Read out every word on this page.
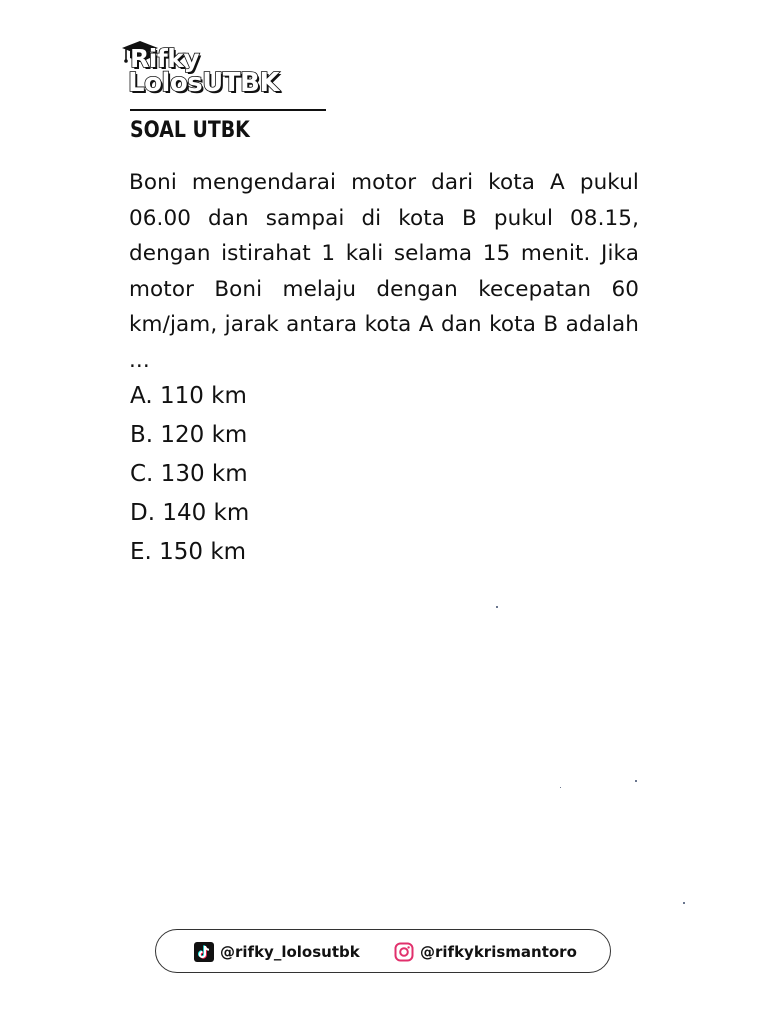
Rifky
LolosUTBK
SOAL UTBK

Boni mengendarai motor dari kota A pukul 06.00 dan sampai di kota B pukul 08.15, dengan istirahat 1 kali selama 15 menit. Jika motor Boni melaju dengan kecepatan 60 km/jam, jarak antara kota A dan kota B adalah ...

A. 110 km
B. 120 km
C. 130 km
D. 140 km
E. 150 km
@rifky_lolosutbk	@rifkykrismantoro
